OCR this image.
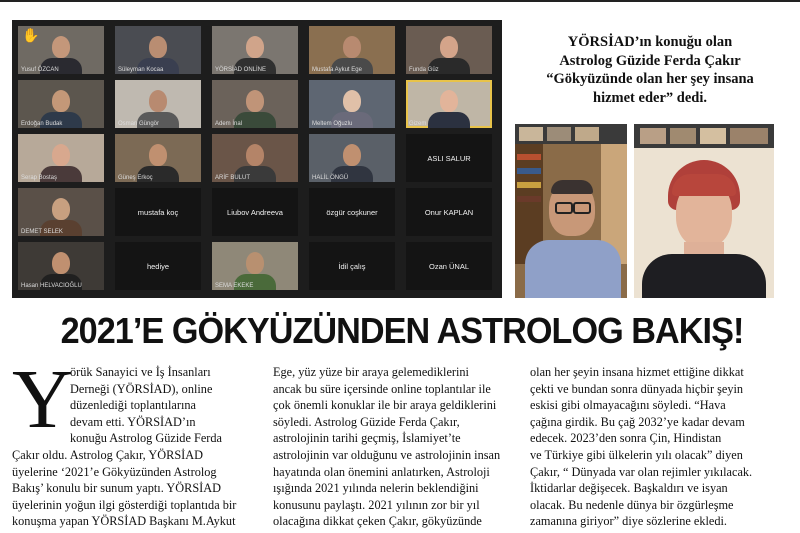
✋
Yusuf ÖZCAN	Süleyman Kocaa	YÖRSİAD ONLİNE	Mustafa Aykut Ege	Funda Güz
Erdoğan Budak	Osman Güngör	Adem İnal	Meltem Oğuzlu	Gizem
Serap Bostaş	Güneş Erkoç	ARİF BULUT	HALİL ÖNGÜ
ASLI SALUR
DEMET SELEK
mustafa koç	Liubov Andreeva	özgür coşkuner	Onur KAPLAN
Hasan HELVACIOĞLU
hediye
SEMA EKEKE
İdil çalış	Ozan ÜNAL
YÖRSİAD’ın konuğu olan
Astrolog Güzide Ferda Çakır
“Gökyüzünde olan her şey insana
hizmet eder” dedi.
2021’E GÖKYÜZÜNDEN ASTROLOG BAKIŞ!
Y
örük Sanayici ve İş İnsanları
Derneği (YÖRSİAD), online
düzenlediği toplantılarına
devam etti. YÖRSİAD’ın
konuğu Astrolog Güzide Ferda
Çakır oldu. Astrolog Çakır, YÖRSİAD
üyelerine ‘2021’e Gökyüzünden Astrolog
Bakış’ konulu bir sunum yaptı. YÖRSİAD
üyelerinin yoğun ilgi gösterdiği toplantıda bir
konuşma yapan YÖRSİAD Başkanı M.Aykut
Ege, yüz yüze bir araya gelemediklerini
ancak bu süre içersinde online toplantılar ile
çok önemli konuklar ile bir araya geldiklerini
söyledi. Astrolog Güzide Ferda Çakır,
astrolojinin tarihi geçmiş, İslamiyet’te
astrolojinin var olduğunu ve astrolojinin insan
hayatında olan önemini anlatırken, Astroloji
ışığında 2021 yılında nelerin beklendiğini
konusunu paylaştı. 2021 yılının zor bir yıl
olacağına dikkat çeken Çakır, gökyüzünde
olan her şeyin insana hizmet ettiğine dikkat
çekti ve bundan sonra dünyada hiçbir şeyin
eskisi gibi olmayacağını söyledi. “Hava
çağına girdik. Bu çağ 2032’ye kadar devam
edecek. 2023’den sonra Çin, Hindistan
ve Türkiye gibi ülkelerin yılı olacak” diyen
Çakır, “ Dünyada var olan rejimler yıkılacak.
İktidarlar değişecek. Başkaldırı ve isyan
olacak. Bu nedenle dünya bir özgürleşme
zamanına giriyor” diye sözlerine ekledi.
